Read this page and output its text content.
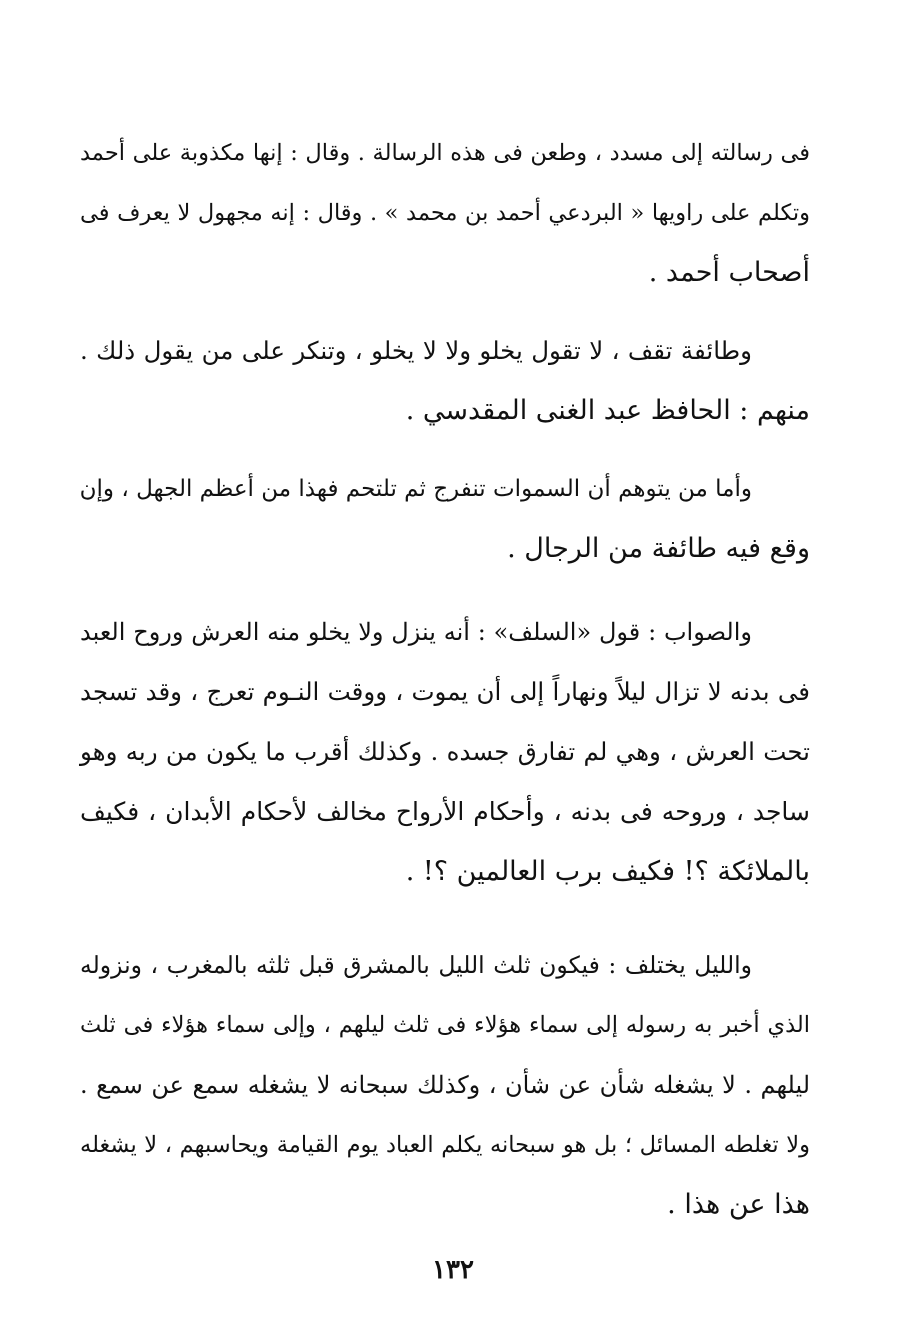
فى رسالته إلى مسدد ، وطعن فى هذه الرسالة . وقال : إنها مكذوبة على أحمد
وتكلم على راويها « البردعي أحمد بن محمد » . وقال : إنه مجهول لا يعرف فى
أصحاب أحمد .
وطائفة تقف ، لا تقول يخلو ولا لا يخلو ، وتنكر على من يقول ذلك .
منهم : الحافظ عبد الغنى المقدسي .
وأما من يتوهم أن السموات تنفرج ثم تلتحم فهذا من أعظم الجهل ، وإن
وقع فيه طائفة من الرجال .
والصواب : قول «السلف» : أنه ينزل ولا يخلو منه العرش وروح العبد
فى بدنه لا تزال ليلاً ونهاراً إلى أن يموت ، ووقت النـوم تعرج ، وقد تسجد
تحت العرش ، وهي لم تفارق جسده . وكذلك أقرب ما يكون من ربه وهو
ساجد ، وروحه فى بدنه ، وأحكام الأرواح مخالف لأحكام الأبدان ، فكيف
بالملائكة ؟! فكيف برب العالمين ؟! .
والليل يختلف : فيكون ثلث الليل بالمشرق قبل ثلثه بالمغرب ، ونزوله
الذي أخبر به رسوله إلى سماء هؤلاء فى ثلث ليلهم ، وإلى سماء هؤلاء فى ثلث
ليلهم . لا يشغله شأن عن شأن ، وكذلك سبحانه لا يشغله سمع عن سمع .
ولا تغلطه المسائل ؛ بل هو سبحانه يكلم العباد يوم القيامة ويحاسبهم ، لا يشغله
هذا عن هذا .
١٣٢
